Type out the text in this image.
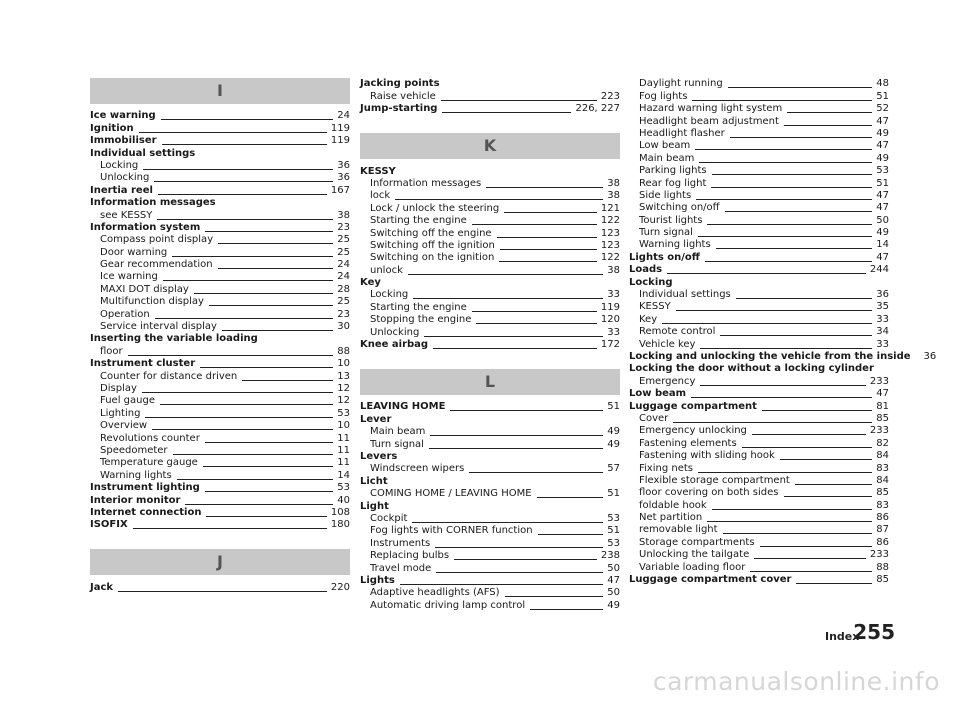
I
Ice warning	24
Ignition	119
Immobiliser	119
Individual settings
Locking	36
Unlocking	36
Inertia reel	167
Information messages
see KESSY	38
Information system	23
Compass point display	25
Door warning	25
Gear recommendation	24
Ice warning	24
MAXI DOT display	28
Multifunction display	25
Operation	23
Service interval display	30
Inserting the variable loading
floor	88
Instrument cluster	10
Counter for distance driven	13
Display	12
Fuel gauge	12
Lighting	53
Overview	10
Revolutions counter	11
Speedometer	11
Temperature gauge	11
Warning lights	14
Instrument lighting	53
Interior monitor	40
Internet connection	108
ISOFIX	180
J
Jack	220
Jacking points
Raise vehicle	223
Jump-starting	226, 227
K
KESSY
Information messages	38
lock	38
Lock / unlock the steering	121
Starting the engine	122
Switching off the engine	123
Switching off the ignition	123
Switching on the ignition	122
unlock	38
Key
Locking	33
Starting the engine	119
Stopping the engine	120
Unlocking	33
Knee airbag	172
L
LEAVING HOME	51
Lever
Main beam	49
Turn signal	49
Levers
Windscreen wipers	57
Licht
COMING HOME / LEAVING HOME	51
Light
Cockpit	53
Fog lights with CORNER function	51
Instruments	53
Replacing bulbs	238
Travel mode	50
Lights	47
Adaptive headlights (AFS)	50
Automatic driving lamp control	49
Daylight running	48
Fog lights	51
Hazard warning light system	52
Headlight beam adjustment	47
Headlight flasher	49
Low beam	47
Main beam	49
Parking lights	53
Rear fog light	51
Side lights	47
Switching on/off	47
Tourist lights	50
Turn signal	49
Warning lights	14
Lights on/off	47
Loads	244
Locking
Individual settings	36
KESSY	35
Key	33
Remote control	34
Vehicle key	33
Locking and unlocking the vehicle from the inside 36
Locking the door without a locking cylinder
Emergency	233
Low beam	47
Luggage compartment	81
Cover	85
Emergency unlocking	233
Fastening elements	82
Fastening with sliding hook	84
Fixing nets	83
Flexible storage compartment	84
floor covering on both sides	85
foldable hook	83
Net partition	86
removable light	87
Storage compartments	86
Unlocking the tailgate	233
Variable loading floor	88
Luggage compartment cover	85
Index
255
carmanualsonline.info
